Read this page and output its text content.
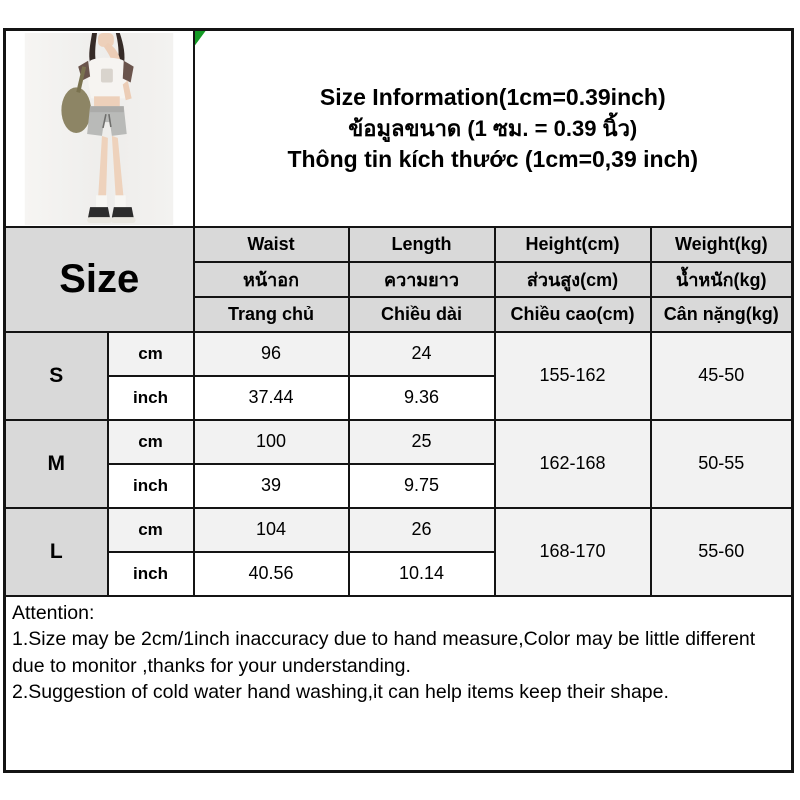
Size Information(1cm=0.39inch)
ข้อมูลขนาด (1 ซม. = 0.39 นิ้ว)
Thông tin kích thước (1cm=0,39 inch)			

Size		Waist	Length	Height(cm)	Weight(kg)
		หน้าอก	ความยาว	ส่วนสูง(cm)	น้ำหนัก(kg)
		Trang chủ	Chiều dài	Chiều cao(cm)	Cân nặng(kg)
S	cm	96	24	155-162	45-50
	inch	37.44	9.36		
M	cm	100	25	162-168	50-55
	inch	39	9.75		
L	cm	104	26	168-170	55-60
	inch	40.56	10.14		

Attention:
1.Size may be 2cm/1inch inaccuracy due to hand measure,Color may be little different due to monitor ,thanks for your understanding.
2.Suggestion of cold water hand washing,it can help items keep their shape.					
